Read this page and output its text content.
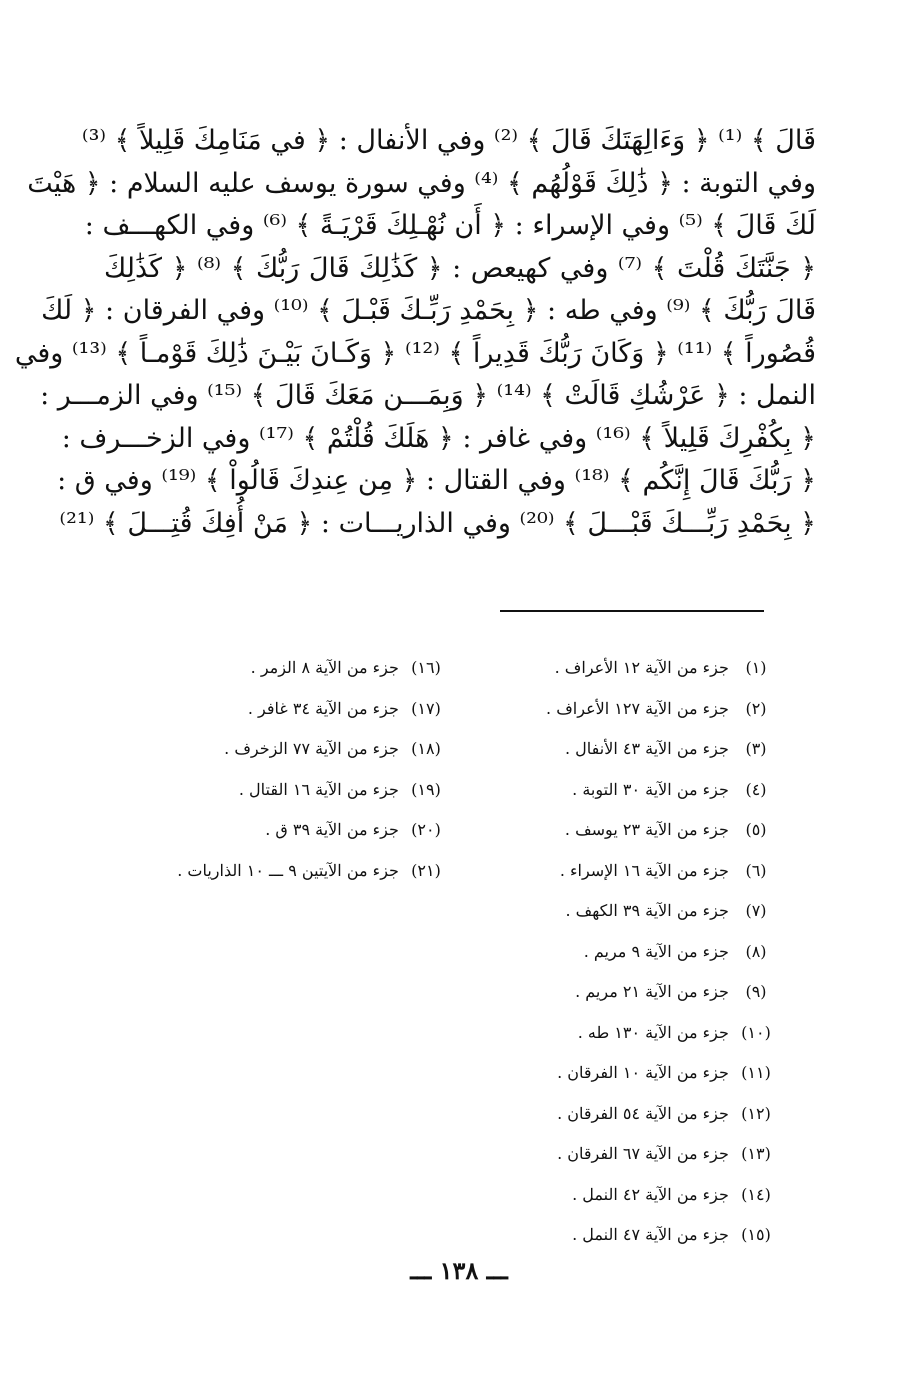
قَالَ ﴾ ⁽¹⁾ ﴿ وَءَالِهَتَكَ قَالَ ﴾ ⁽²⁾ وفي الأنفال : ﴿ في مَنَامِكَ قَلِيلاً ﴾ ⁽³⁾
وفي التوبة : ﴿ ذَٰلِكَ قَوْلُهُم ﴾ ⁽⁴⁾ وفي سورة يوسف عليه السلام : ﴿ هَيْتَ
لَكَ قَالَ ﴾ ⁽⁵⁾ وفي الإسراء : ﴿ أَن نُهْـلِكَ قَرْيَـةً ﴾ ⁽⁶⁾ وفي الكهـــف :
﴿ جَنَّتَكَ قُلْتَ ﴾ ⁽⁷⁾ وفي كهيعص : ﴿ كَذَٰلِكَ قَالَ رَبُّكَ ﴾ ⁽⁸⁾ ﴿ كَذَٰلِكَ
قَالَ رَبُّكَ ﴾ ⁽⁹⁾ وفي طه : ﴿ بِحَمْدِ رَبِّـكَ قَبْـلَ ﴾ ⁽¹⁰⁾ وفي الفرقان : ﴿ لَكَ
قُصُوراً ﴾ ⁽¹¹⁾ ﴿ وَكَانَ رَبُّكَ قَدِيراً ﴾ ⁽¹²⁾ ﴿ وَكَـانَ بَيْـنَ ذَٰلِكَ قَوْمـاً ﴾ ⁽¹³⁾ وفي
النمل : ﴿ عَرْشُكِ قَالَتْ ﴾ ⁽¹⁴⁾ ﴿ وَبِمَـــن مَعَكَ قَالَ ﴾ ⁽¹⁵⁾ وفي الزمـــر :
﴿ بِكُفْرِكَ قَلِيلاً ﴾ ⁽¹⁶⁾ وفي غافر : ﴿ هَلَكَ قُلْتُمْ ﴾ ⁽¹⁷⁾ وفي الزخـــرف :
﴿ رَبُّكَ قَالَ إِنَّكُم ﴾ ⁽¹⁸⁾ وفي القتال : ﴿ مِن عِندِكَ قَالُواْ ﴾ ⁽¹⁹⁾ وفي ق :
﴿ بِحَمْدِ رَبِّـــكَ قَبْـــلَ ﴾ ⁽²⁰⁾ وفي الذاريـــات : ﴿ مَنْ أُفِكَ قُتِـــلَ ﴾ ⁽²¹⁾
(١) جزء من الآية ١٢ الأعراف .
(٢) جزء من الآية ١٢٧ الأعراف .
(٣) جزء من الآية ٤٣ الأنفال .
(٤) جزء من الآية ٣٠ التوبة .
(٥) جزء من الآية ٢٣ يوسف .
(٦) جزء من الآية ١٦ الإسراء .
(٧) جزء من الآية ٣٩ الكهف .
(٨) جزء من الآية ٩ مريم .
(٩) جزء من الآية ٢١ مريم .
(١٠) جزء من الآية ١٣٠ طه .
(١١) جزء من الآية ١٠ الفرقان .
(١٢) جزء من الآية ٥٤ الفرقان .
(١٣) جزء من الآية ٦٧ الفرقان .
(١٤) جزء من الآية ٤٢ النمل .
(١٥) جزء من الآية ٤٧ النمل .
(١٦) جزء من الآية ٨ الزمر .
(١٧) جزء من الآية ٣٤ غافر .
(١٨) جزء من الآية ٧٧ الزخرف .
(١٩) جزء من الآية ١٦ القتال .
(٢٠) جزء من الآية ٣٩ ق .
(٢١) جزء من الآيتين ٩ ـــ ١٠ الذاريات .
ـــ ١٣٨ ـــ
